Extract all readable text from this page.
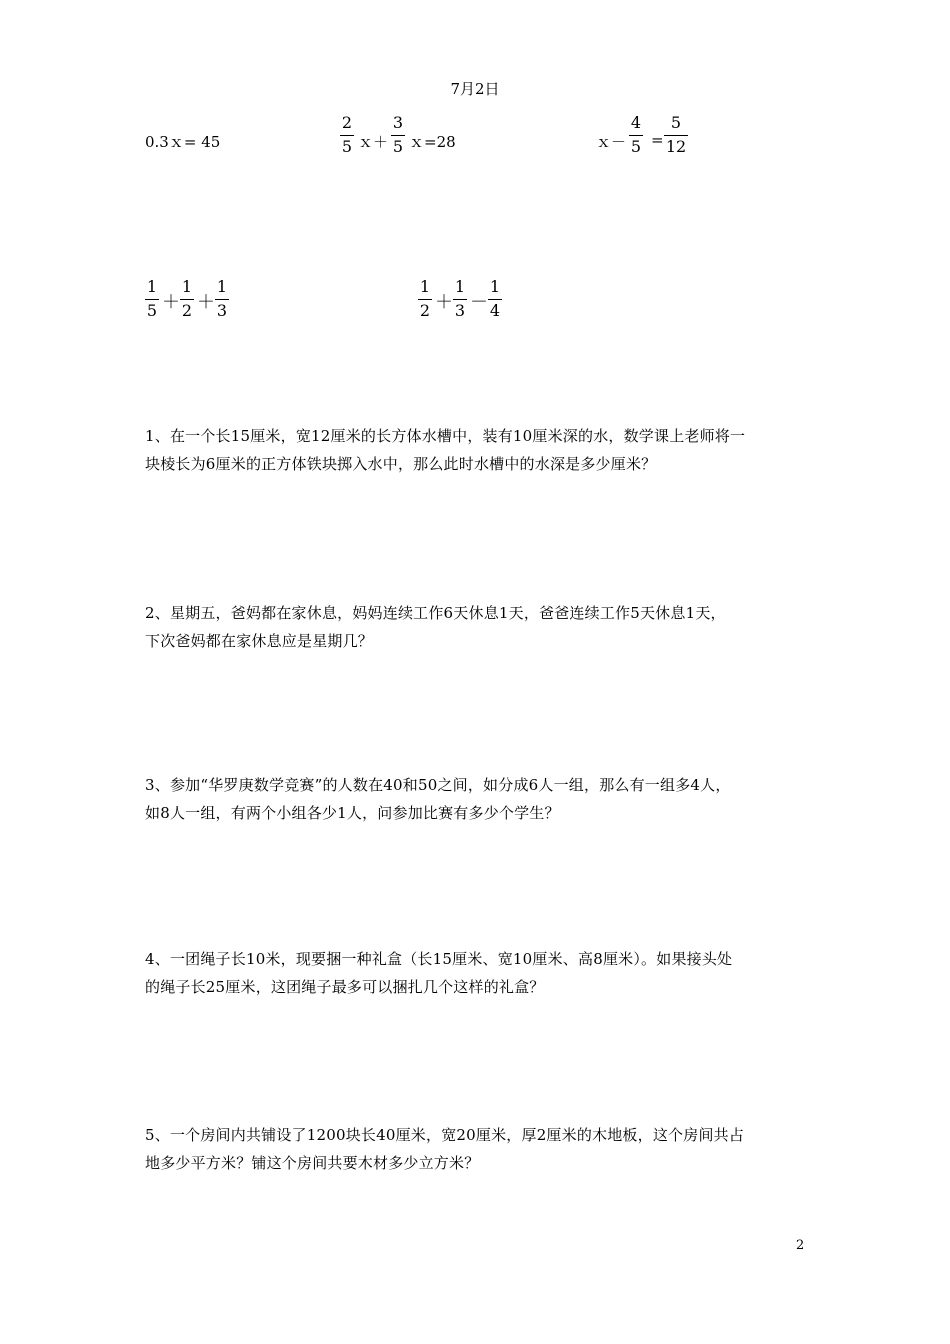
7月2日
0.3ｘ= 45
2
5 ｘ＋
3
5 ｘ=28	ｘ－
4
5 =
5
12
1
5 ＋
1
2 ＋
1
3
1
2 ＋
1
3 －
1
4
1、在一个长15厘米，宽12厘米的长方体水槽中，装有10厘米深的水，数学课上老师将一
块棱长为6厘米的正方体铁块掷入水中，那么此时水槽中的水深是多少厘米？
2、星期五，爸妈都在家休息，妈妈连续工作6天休息1天，爸爸连续工作5天休息1天，
下次爸妈都在家休息应是星期几？
3、参加“华罗庚数学竞赛”的人数在40和50之间，如分成6人一组，那么有一组多4人，
如8人一组，有两个小组各少1人，问参加比赛有多少个学生？
4、一团绳子长10米，现要捆一种礼盒（长15厘米、宽10厘米、高8厘米）。如果接头处
的绳子长25厘米，这团绳子最多可以捆扎几个这样的礼盒？
5、一个房间内共铺设了1200块长40厘米，宽20厘米，厚2厘米的木地板，这个房间共占
地多少平方米？铺这个房间共要木材多少立方米？
2
